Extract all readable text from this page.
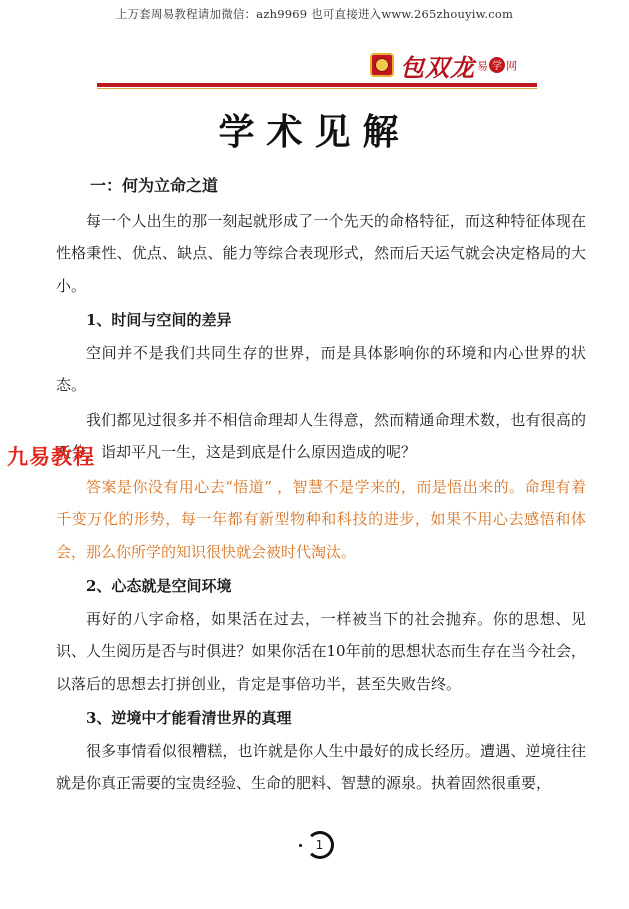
上万套周易教程请加微信：azh9969 也可直接进入www.265zhouyiw.com
包双龙 易 学 网
学术见解
一：何为立命之道

每一个人出生的那一刻起就形成了一个先天的命格特征，而这种特征体现在性格秉性、优点、缺点、能力等综合表现形式，然而后天运气就会决定格局的大小。

1、时间与空间的差异

空间并不是我们共同生存的世界，而是具体影响你的环境和内心世界的状态。

我们都见过很多并不相信命理却人生得意，然而精通命理术数，也有很高的天分，诣却平凡一生，这是到底是什么原因造成的呢？

答案是你没有用心去“悟道” ，智慧不是学来的，而是悟出来的。命理有着千变万化的形势，每一年都有新型物种和科技的进步，如果不用心去感悟和体会，那么你所学的知识很快就会被时代淘汰。

2、心态就是空间环境

再好的八字命格，如果活在过去，一样被当下的社会抛弃。你的思想、见识、人生阅历是否与时俱进？如果你活在10年前的思想状态而生存在当今社会，以落后的思想去打拼创业，肯定是事倍功半，甚至失败告终。

3、逆境中才能看清世界的真理

很多事情看似很糟糕，也许就是你人生中最好的成长经历。遭遇、逆境往往就是你真正需要的宝贵经验、生命的肥料、智慧的源泉。执着固然很重要，

九易教程
1
